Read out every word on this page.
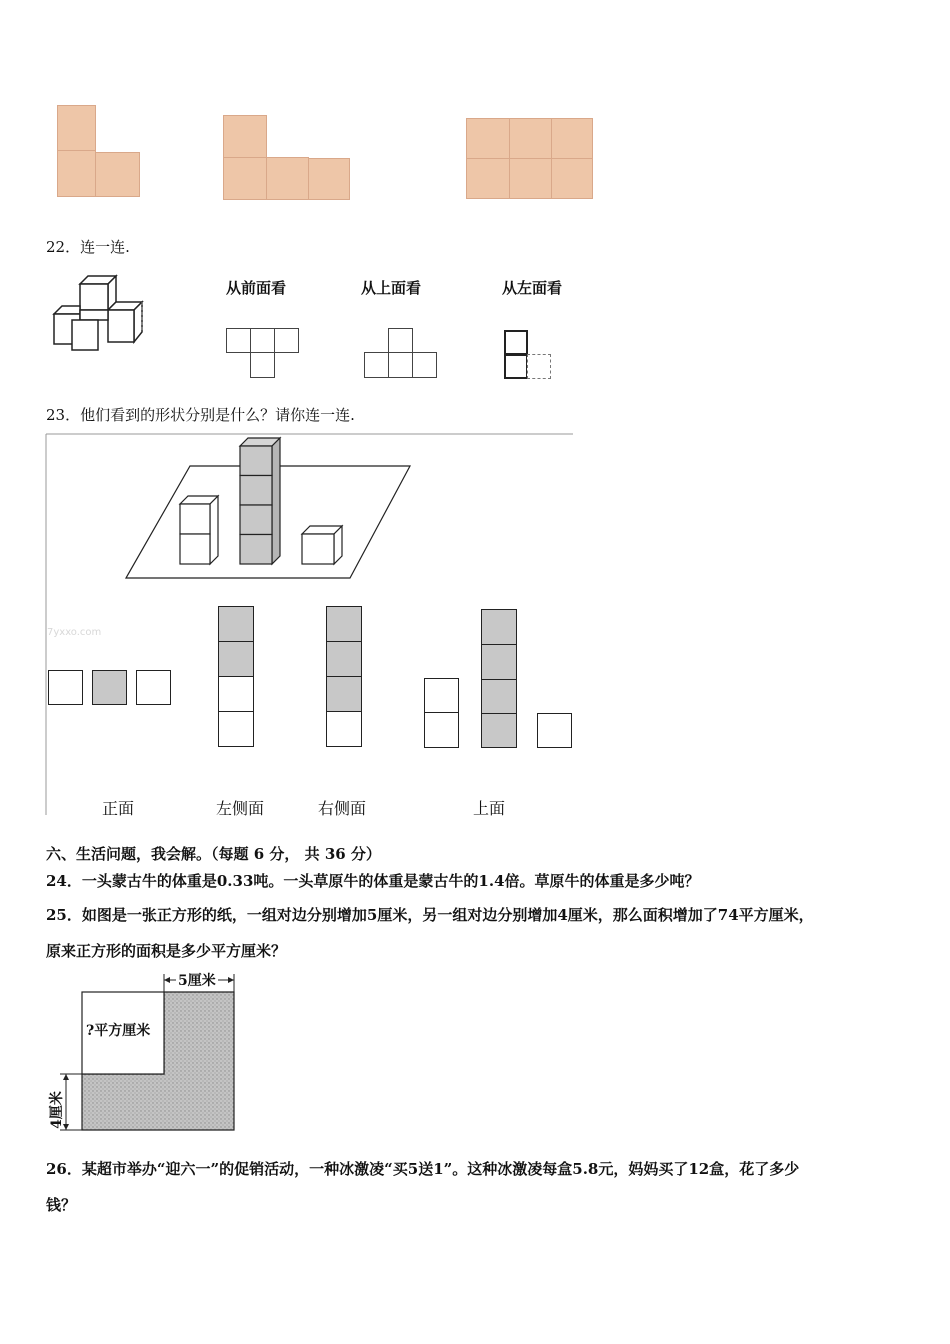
22．连一连.
从前面看	从上面看	从左面看
23．他们看到的形状分别是什么？请你连一连.
7yxxo.com
正面	左侧面	右侧面	上面
六、生活问题，我会解。（每题 6 分， 共 36 分）
24．一头蒙古牛的体重是0.33吨。一头草原牛的体重是蒙古牛的1.4倍。草原牛的体重是多少吨？
25．如图是一张正方形的纸，一组对边分别增加5厘米，另一组对边分别增加4厘米，那么面积增加了74平方厘米，
原来正方形的面积是多少平方厘米？
5厘米
?平方厘米
4厘米
26．某超市举办“迎六一”的促销活动，一种冰激凌“买5送1”。这种冰激凌每盒5.8元，妈妈买了12盒，花了多少
钱？
